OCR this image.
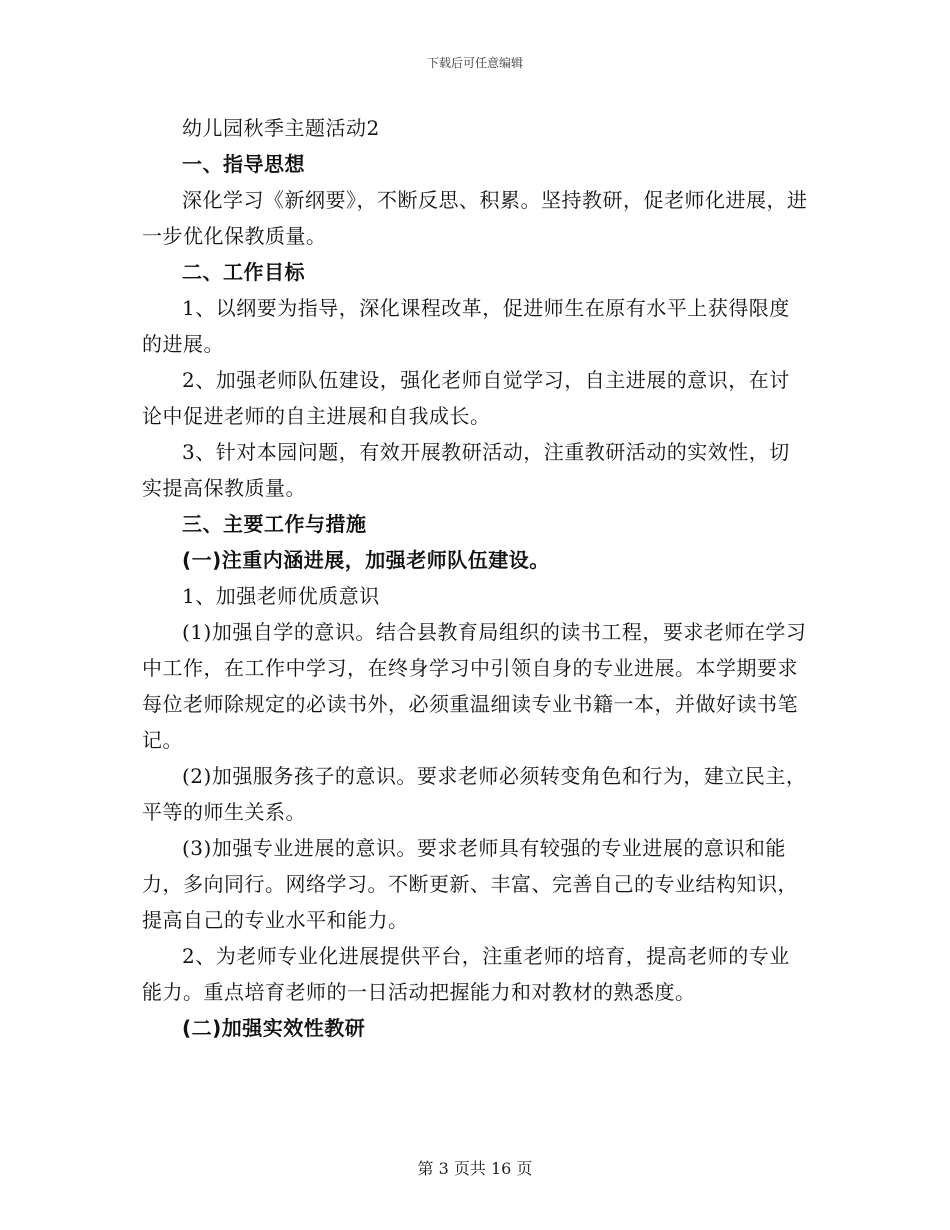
下载后可任意编辑

幼儿园秋季主题活动2

一、指导思想

深化学习《新纲要》，不断反思、积累。坚持教研，促老师化进展，进一步优化保教质量。

二、工作目标

1、以纲要为指导，深化课程改革，促进师生在原有水平上获得限度的进展。

2、加强老师队伍建设，强化老师自觉学习，自主进展的意识，在讨论中促进老师的自主进展和自我成长。

3、针对本园问题，有效开展教研活动，注重教研活动的实效性，切实提高保教质量。

三、主要工作与措施

(一)注重内涵进展，加强老师队伍建设。

1、加强老师优质意识

(1)加强自学的意识。结合县教育局组织的读书工程，要求老师在学习中工作，在工作中学习，在终身学习中引领自身的专业进展。本学期要求每位老师除规定的必读书外，必须重温细读专业书籍一本，并做好读书笔记。

(2)加强服务孩子的意识。要求老师必须转变角色和行为，建立民主，平等的师生关系。

(3)加强专业进展的意识。要求老师具有较强的专业进展的意识和能力，多向同行。网络学习。不断更新、丰富、完善自己的专业结构知识，提高自己的专业水平和能力。

2、为老师专业化进展提供平台，注重老师的培育，提高老师的专业能力。重点培育老师的一日活动把握能力和对教材的熟悉度。

(二)加强实效性教研

第 3 页共 16 页
